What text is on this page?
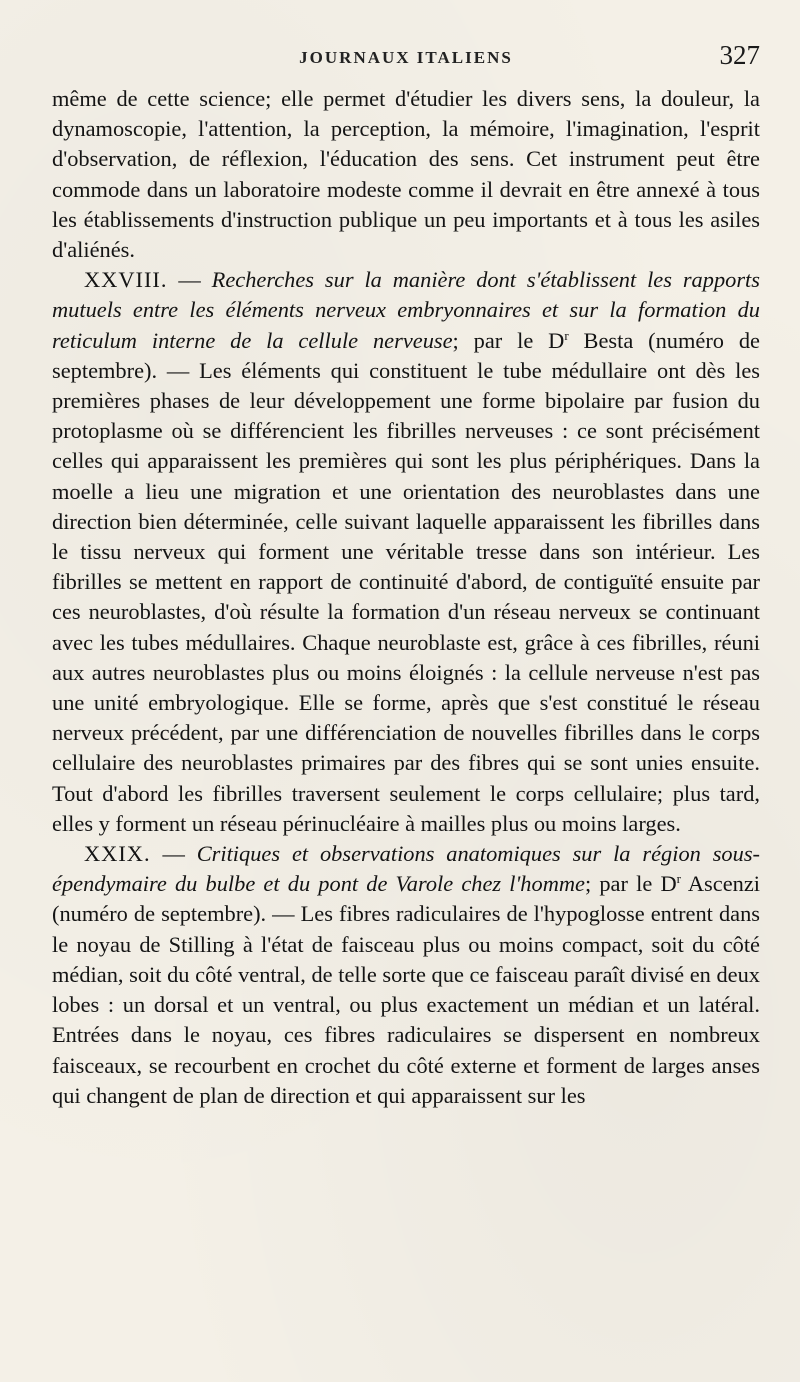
JOURNAUX ITALIENS	327

même de cette science; elle permet d'étudier les divers sens, la douleur, la dynamoscopie, l'attention, la perception, la mémoire, l'imagination, l'esprit d'observation, de réflexion, l'éducation des sens. Cet instrument peut être commode dans un laboratoire modeste comme il devrait en être annexé à tous les établissements d'instruction publique un peu importants et à tous les asiles d'aliénés.

XXVIII. — Recherches sur la manière dont s'établissent les rapports mutuels entre les éléments nerveux embryonnaires et sur la formation du reticulum interne de la cellule nerveuse; par le $D^r$ Besta (numéro de septembre). — Les éléments qui constituent le tube médullaire ont dès les premières phases de leur développement une forme bipolaire par fusion du protoplasme où se différencient les fibrilles nerveuses : ce sont précisément celles qui apparaissent les premières qui sont les plus périphériques. Dans la moelle a lieu une migration et une orientation des neuroblastes dans une direction bien déterminée, celle suivant laquelle apparaissent les fibrilles dans le tissu nerveux qui forment une véritable tresse dans son intérieur. Les fibrilles se mettent en rapport de continuité d'abord, de contiguïté ensuite par ces neuroblastes, d'où résulte la formation d'un réseau nerveux se continuant avec les tubes médullaires. Chaque neuroblaste est, grâce à ces fibrilles, réuni aux autres neuroblastes plus ou moins éloignés : la cellule nerveuse n'est pas une unité embryologique. Elle se forme, après que s'est constitué le réseau nerveux précédent, par une différenciation de nouvelles fibrilles dans le corps cellulaire des neuroblastes primaires par des fibres qui se sont unies ensuite. Tout d'abord les fibrilles traversent seulement le corps cellulaire; plus tard, elles y forment un réseau périnucléaire à mailles plus ou moins larges.

XXIX. — Critiques et observations anatomiques sur la région sous-épendymaire du bulbe et du pont de Varole chez l'homme; par le $D^r$ Ascenzi (numéro de septembre). — Les fibres radiculaires de l'hypoglosse entrent dans le noyau de Stilling à l'état de faisceau plus ou moins compact, soit du côté médian, soit du côté ventral, de telle sorte que ce faisceau paraît divisé en deux lobes : un dorsal et un ventral, ou plus exactement un médian et un latéral. Entrées dans le noyau, ces fibres radiculaires se dispersent en nombreux faisceaux, se recourbent en crochet du côté externe et forment de larges anses qui changent de plan de direction et qui apparaissent sur les
